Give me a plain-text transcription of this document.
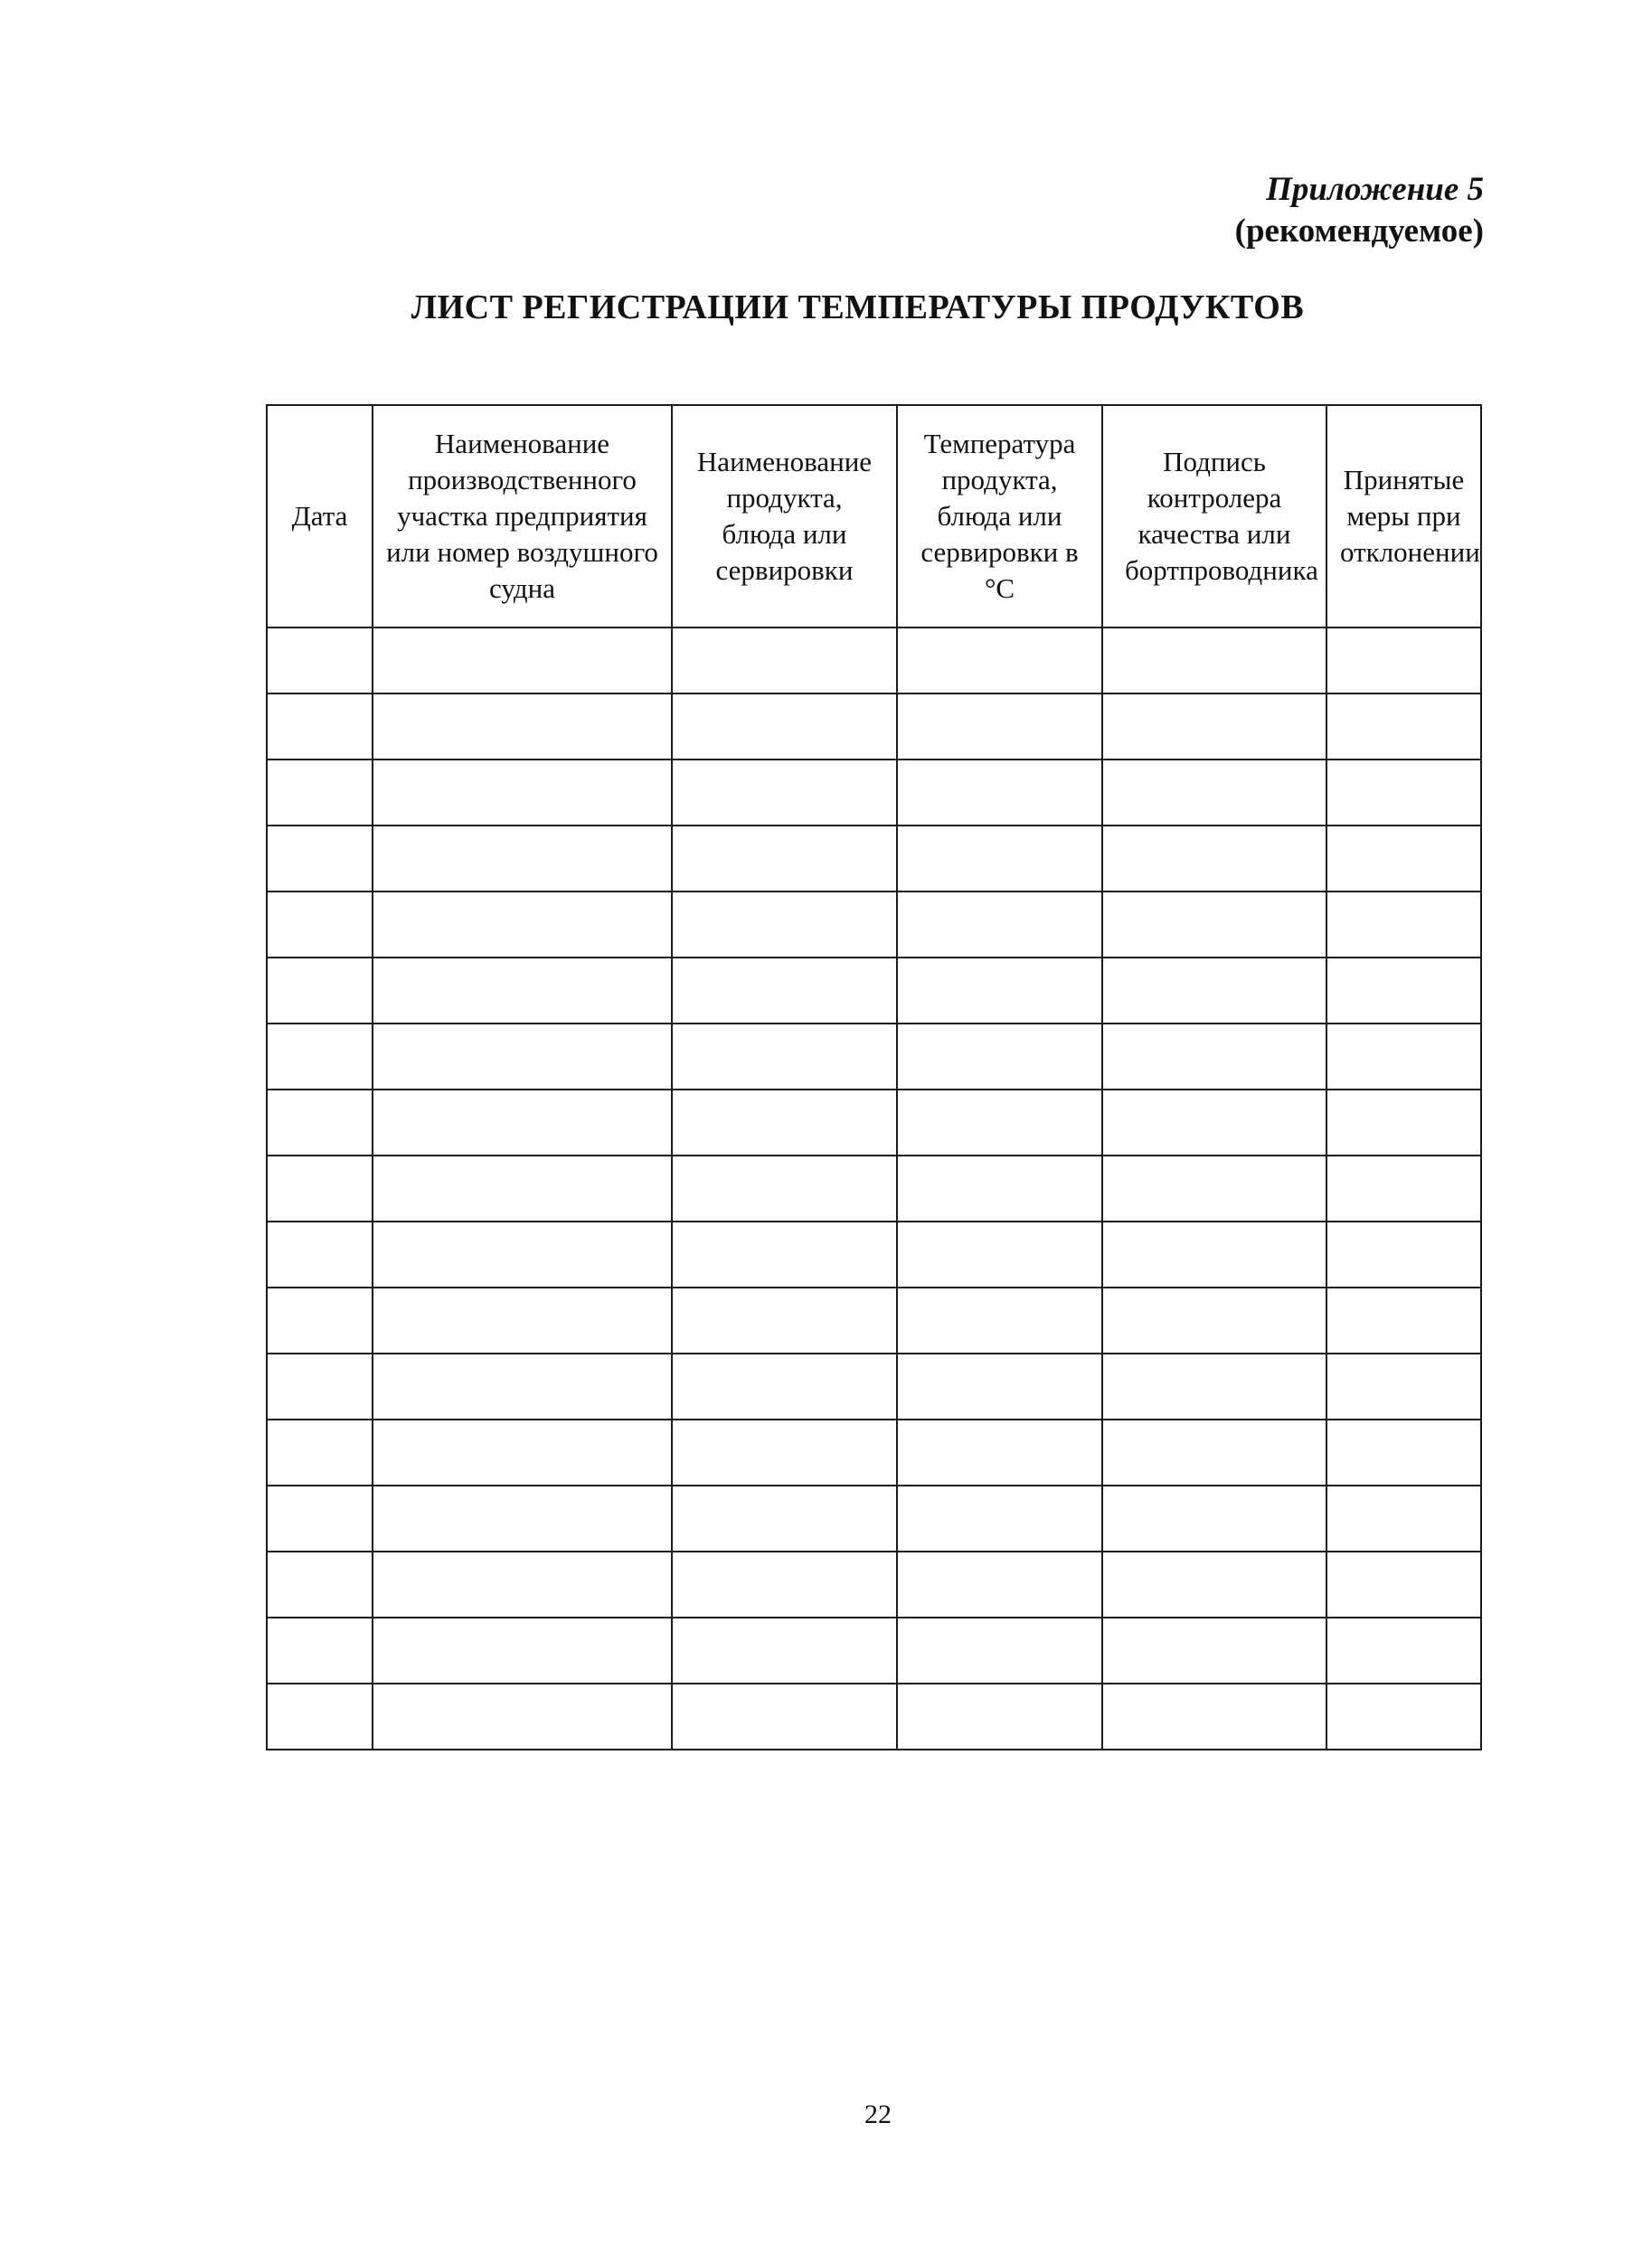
Приложение 5
(рекомендуемое)
ЛИСТ РЕГИСТРАЦИИ ТЕМПЕРАТУРЫ ПРОДУКТОВ
Дата	Наименование производственного участка предприятия или номер воздушного судна	Наименование продукта, блюда или сервировки	Температура продукта, блюда или сервировки в °С	Подпись контролера качества или бортпроводника	Принятые меры при отклонении

22
